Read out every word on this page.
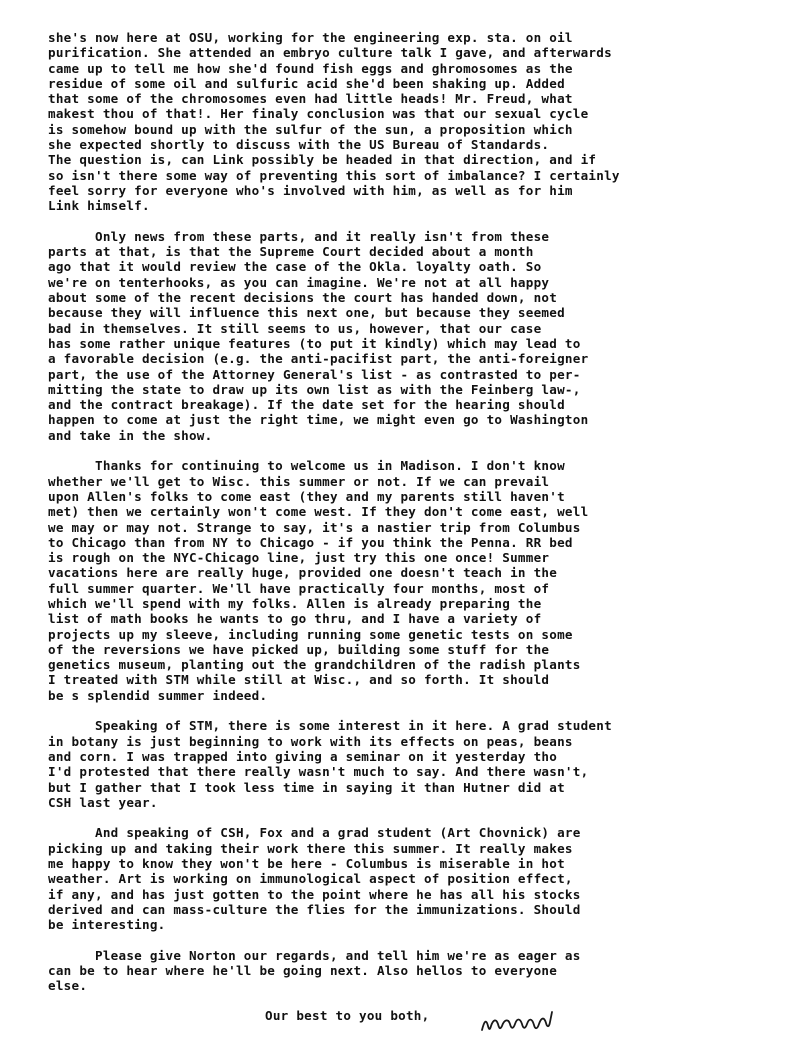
she's now here at OSU, working for the engineering exp. sta. on oil
purification. She attended an embryo culture talk I gave, and afterwards
came up to tell me how she'd found fish eggs and ghromosomes as the
residue of some oil and sulfuric acid she'd been shaking up. Added
that some of the chromosomes even had little heads! Mr. Freud, what
makest thou of that!. Her finaly conclusion was that our sexual cycle
is somehow bound up with the sulfur of the sun, a proposition which
she expected shortly to discuss with the US Bureau of Standards.
The question is, can Link possibly be headed in that direction, and if
so isn't there some way of preventing this sort of imbalance? I certainly
feel sorry for everyone who's involved with him, as well as for him
Link himself.
Only news from these parts, and it really isn't from these
parts at that, is that the Supreme Court decided about a month
ago that it would review the case of the Okla. loyalty oath. So
we're on tenterhooks, as you can imagine. We're not at all happy
about some of the recent decisions the court has handed down, not
because they will influence this next one, but because they seemed
bad in themselves. It still seems to us, however, that our case
has some rather unique features (to put it kindly) which may lead to
a favorable decision (e.g. the anti-pacifist part, the anti-foreigner
part, the use of the Attorney General's list - as contrasted to per-
mitting the state to draw up its own list as with the Feinberg law-,
and the contract breakage). If the date set for the hearing should
happen to come at just the right time, we might even go to Washington
and take in the show.
Thanks for continuing to welcome us in Madison. I don't know
whether we'll get to Wisc. this summer or not. If we can prevail
upon Allen's folks to come east (they and my parents still haven't
met) then we certainly won't come west. If they don't come east, well
we may or may not. Strange to say, it's a nastier trip from Columbus
to Chicago than from NY to Chicago - if you think the Penna. RR bed
is rough on the NYC-Chicago line, just try this one once! Summer
vacations here are really huge, provided one doesn't teach in the
full summer quarter. We'll have practically four months, most of
which we'll spend with my folks. Allen is already preparing the
list of math books he wants to go thru, and I have a variety of
projects up my sleeve, including running some genetic tests on some
of the reversions we have picked up, building some stuff for the
genetics museum, planting out the grandchildren of the radish plants
I treated with STM while still at Wisc., and so forth. It should
be s splendid summer indeed.
Speaking of STM, there is some interest in it here. A grad student
in botany is just beginning to work with its effects on peas, beans
and corn. I was trapped into giving a seminar on it yesterday tho
I'd protested that there really wasn't much to say. And there wasn't,
but I gather that I took less time in saying it than Hutner did at
CSH last year.
And speaking of CSH, Fox and a grad student (Art Chovnick) are
picking up and taking their work there this summer. It really makes
me happy to know they won't be here - Columbus is miserable in hot
weather. Art is working on immunological aspect of position effect,
if any, and has just gotten to the point where he has all his stocks
derived and can mass-culture the flies for the immunizations. Should
be interesting.
Please give Norton our regards, and tell him we're as eager as
can be to hear where he'll be going next. Also hellos to everyone
else.
Our best to you both,
